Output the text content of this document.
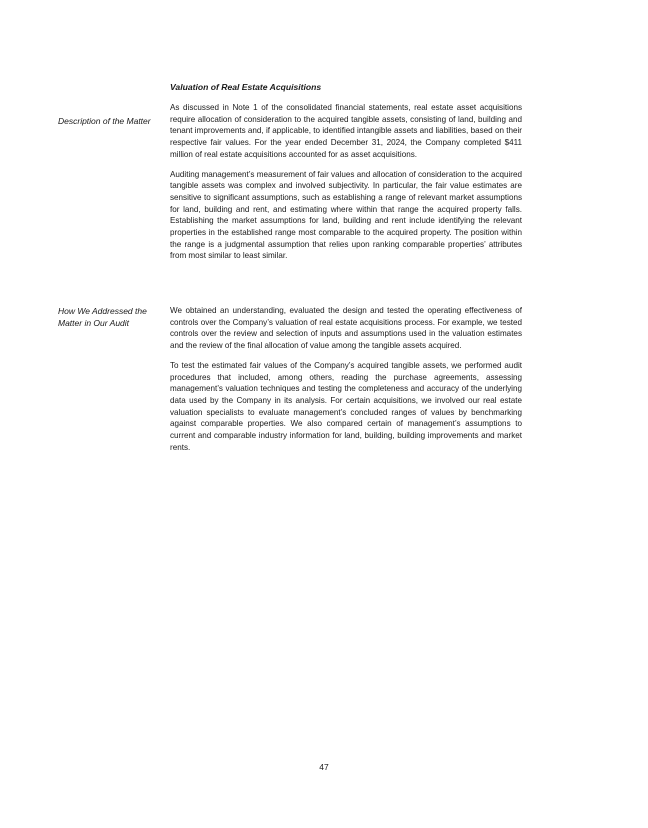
Valuation of Real Estate Acquisitions
Description of the Matter

As discussed in Note 1 of the consolidated financial statements, real estate asset acquisitions require allocation of consideration to the acquired tangible assets, consisting of land, building and tenant improvements and, if applicable, to identified intangible assets and liabilities, based on their respective fair values. For the year ended December 31, 2024, the Company completed $411 million of real estate acquisitions accounted for as asset acquisitions.

Auditing management’s measurement of fair values and allocation of consideration to the acquired tangible assets was complex and involved subjectivity. In particular, the fair value estimates are sensitive to significant assumptions, such as establishing a range of relevant market assumptions for land, building and rent, and estimating where within that range the acquired property falls. Establishing the market assumptions for land, building and rent include identifying the relevant properties in the established range most comparable to the acquired property. The position within the range is a judgmental assumption that relies upon ranking comparable properties’ attributes from most similar to least similar.

How We Addressed the Matter in Our Audit

We obtained an understanding, evaluated the design and tested the operating effectiveness of controls over the Company’s valuation of real estate acquisitions process. For example, we tested controls over the review and selection of inputs and assumptions used in the valuation estimates and the review of the final allocation of value among the tangible assets acquired.

To test the estimated fair values of the Company’s acquired tangible assets, we performed audit procedures that included, among others, reading the purchase agreements, assessing management’s valuation techniques and testing the completeness and accuracy of the underlying data used by the Company in its analysis. For certain acquisitions, we involved our real estate valuation specialists to evaluate management’s concluded ranges of values by benchmarking against comparable properties. We also compared certain of management’s assumptions to current and comparable industry information for land, building, building improvements and market rents.

47
